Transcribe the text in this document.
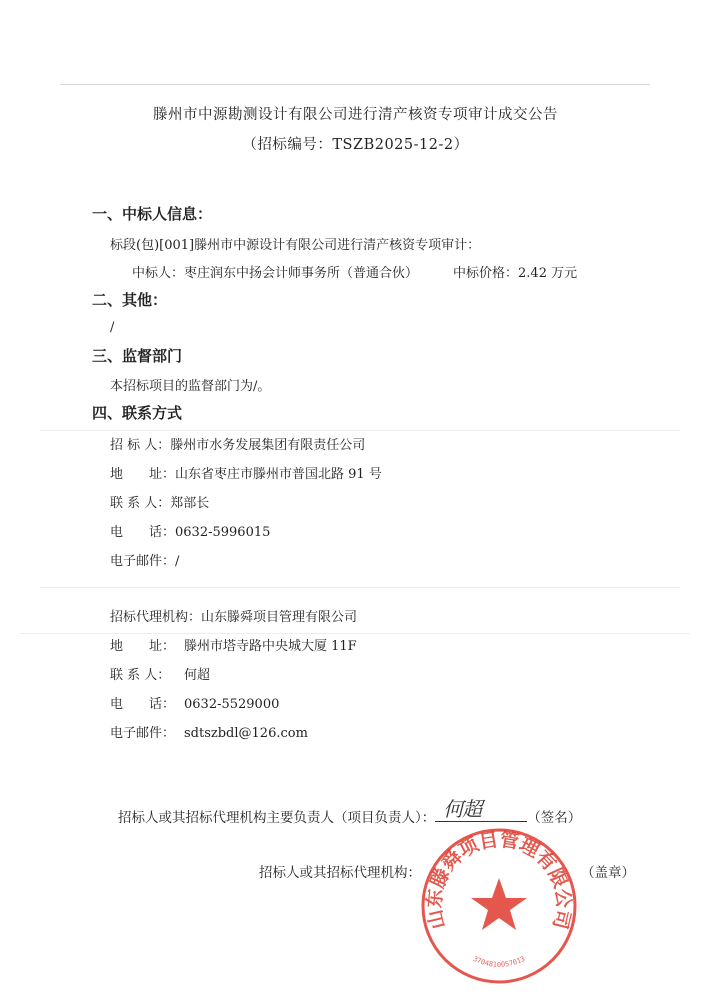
滕州市中源勘测设计有限公司进行清产核资专项审计成交公告
（招标编号：TSZB2025-12-2）
一、中标人信息：
标段(包)[001]滕州市中源设计有限公司进行清产核资专项审计：
中标人：枣庄润东中扬会计师事务所（普通合伙）	中标价格：2.42 万元
二、其他：
/
三、监督部门
本招标项目的监督部门为/。
四、联系方式
招 标 人：滕州市水务发展集团有限责任公司
地　　址：山东省枣庄市滕州市普国北路 91 号
联 系 人：郑部长
电　　话：0632-5996015
电子邮件：/
招标代理机构：山东滕舜项目管理有限公司
地　　址： 滕州市塔寺路中央城大厦 11F
联 系 人： 何超
电　　话： 0632-5529000
电子邮件： sdtszbdl@126.com
招标人或其招标代理机构主要负责人（项目负责人）： 何超	（签名）
招标人或其招标代理机构：	（盖章）
山东滕舜项目管理有限公司
3704810057013
